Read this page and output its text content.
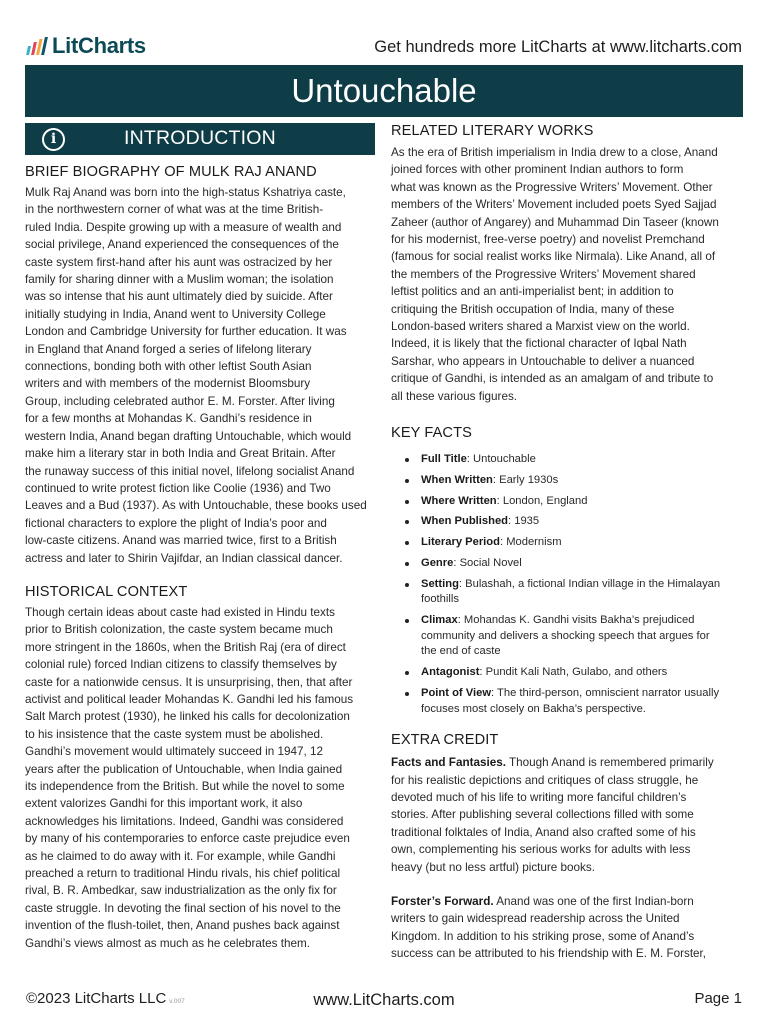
LitCharts	Get hundreds more LitCharts at www.litcharts.com
Untouchable
i	INTRODUCTION
BRIEF BIOGRAPHY OF MULK RAJ ANAND

Mulk Raj Anand was born into the high-status Kshatriya caste,
in the northwestern corner of what was at the time British-
ruled India. Despite growing up with a measure of wealth and
social privilege, Anand experienced the consequences of the
caste system first-hand after his aunt was ostracized by her
family for sharing dinner with a Muslim woman; the isolation
was so intense that his aunt ultimately died by suicide. After
initially studying in India, Anand went to University College
London and Cambridge University for further education. It was
in England that Anand forged a series of lifelong literary
connections, bonding both with other leftist South Asian
writers and with members of the modernist Bloomsbury
Group, including celebrated author E. M. Forster. After living
for a few months at Mohandas K. Gandhi’s residence in
western India, Anand began drafting Untouchable, which would
make him a literary star in both India and Great Britain. After
the runaway success of this initial novel, lifelong socialist Anand
continued to write protest fiction like Coolie (1936) and Two
Leaves and a Bud (1937). As with Untouchable, these books used
fictional characters to explore the plight of India’s poor and
low-caste citizens. Anand was married twice, first to a British
actress and later to Shirin Vajifdar, an Indian classical dancer.

HISTORICAL CONTEXT

Though certain ideas about caste had existed in Hindu texts
prior to British colonization, the caste system became much
more stringent in the 1860s, when the British Raj (era of direct
colonial rule) forced Indian citizens to classify themselves by
caste for a nationwide census. It is unsurprising, then, that after
activist and political leader Mohandas K. Gandhi led his famous
Salt March protest (1930), he linked his calls for decolonization
to his insistence that the caste system must be abolished.
Gandhi’s movement would ultimately succeed in 1947, 12
years after the publication of Untouchable, when India gained
its independence from the British. But while the novel to some
extent valorizes Gandhi for this important work, it also
acknowledges his limitations. Indeed, Gandhi was considered
by many of his contemporaries to enforce caste prejudice even
as he claimed to do away with it. For example, while Gandhi
preached a return to traditional Hindu rivals, his chief political
rival, B. R. Ambedkar, saw industrialization as the only fix for
caste struggle. In devoting the final section of his novel to the
invention of the flush-toilet, then, Anand pushes back against
Gandhi’s views almost as much as he celebrates them.

RELATED LITERARY WORKS

As the era of British imperialism in India drew to a close, Anand
joined forces with other prominent Indian authors to form
what was known as the Progressive Writers’ Movement. Other
members of the Writers’ Movement included poets Syed Sajjad
Zaheer (author of Angarey) and Muhammad Din Taseer (known
for his modernist, free-verse poetry) and novelist Premchand
(famous for social realist works like Nirmala). Like Anand, all of
the members of the Progressive Writers’ Movement shared
leftist politics and an anti-imperialist bent; in addition to
critiquing the British occupation of India, many of these
London-based writers shared a Marxist view on the world.
Indeed, it is likely that the fictional character of Iqbal Nath
Sarshar, who appears in Untouchable to deliver a nuanced
critique of Gandhi, is intended as an amalgam of and tribute to
all these various figures.

KEY FACTS
Full Title: Untouchable
When Written: Early 1930s
Where Written: London, England
When Published: 1935
Literary Period: Modernism
Genre: Social Novel
Setting: Bulashah, a fictional Indian village in the Himalayan
foothills
Climax: Mohandas K. Gandhi visits Bakha’s prejudiced
community and delivers a shocking speech that argues for
the end of caste
Antagonist: Pundit Kali Nath, Gulabo, and others
Point of View: The third-person, omniscient narrator usually
focuses most closely on Bakha’s perspective.
EXTRA CREDIT

Facts and Fantasies. Though Anand is remembered primarily
for his realistic depictions and critiques of class struggle, he
devoted much of his life to writing more fanciful children’s
stories. After publishing several collections filled with some
traditional folktales of India, Anand also crafted some of his
own, complementing his serious works for adults with less
heavy (but no less artful) picture books.

Forster’s Forward. Anand was one of the first Indian-born
writers to gain widespread readership across the United
Kingdom. In addition to his striking prose, some of Anand’s
success can be attributed to his friendship with E. M. Forster,

©2023 LitCharts LLC v.007	www.LitCharts.com	Page 1
